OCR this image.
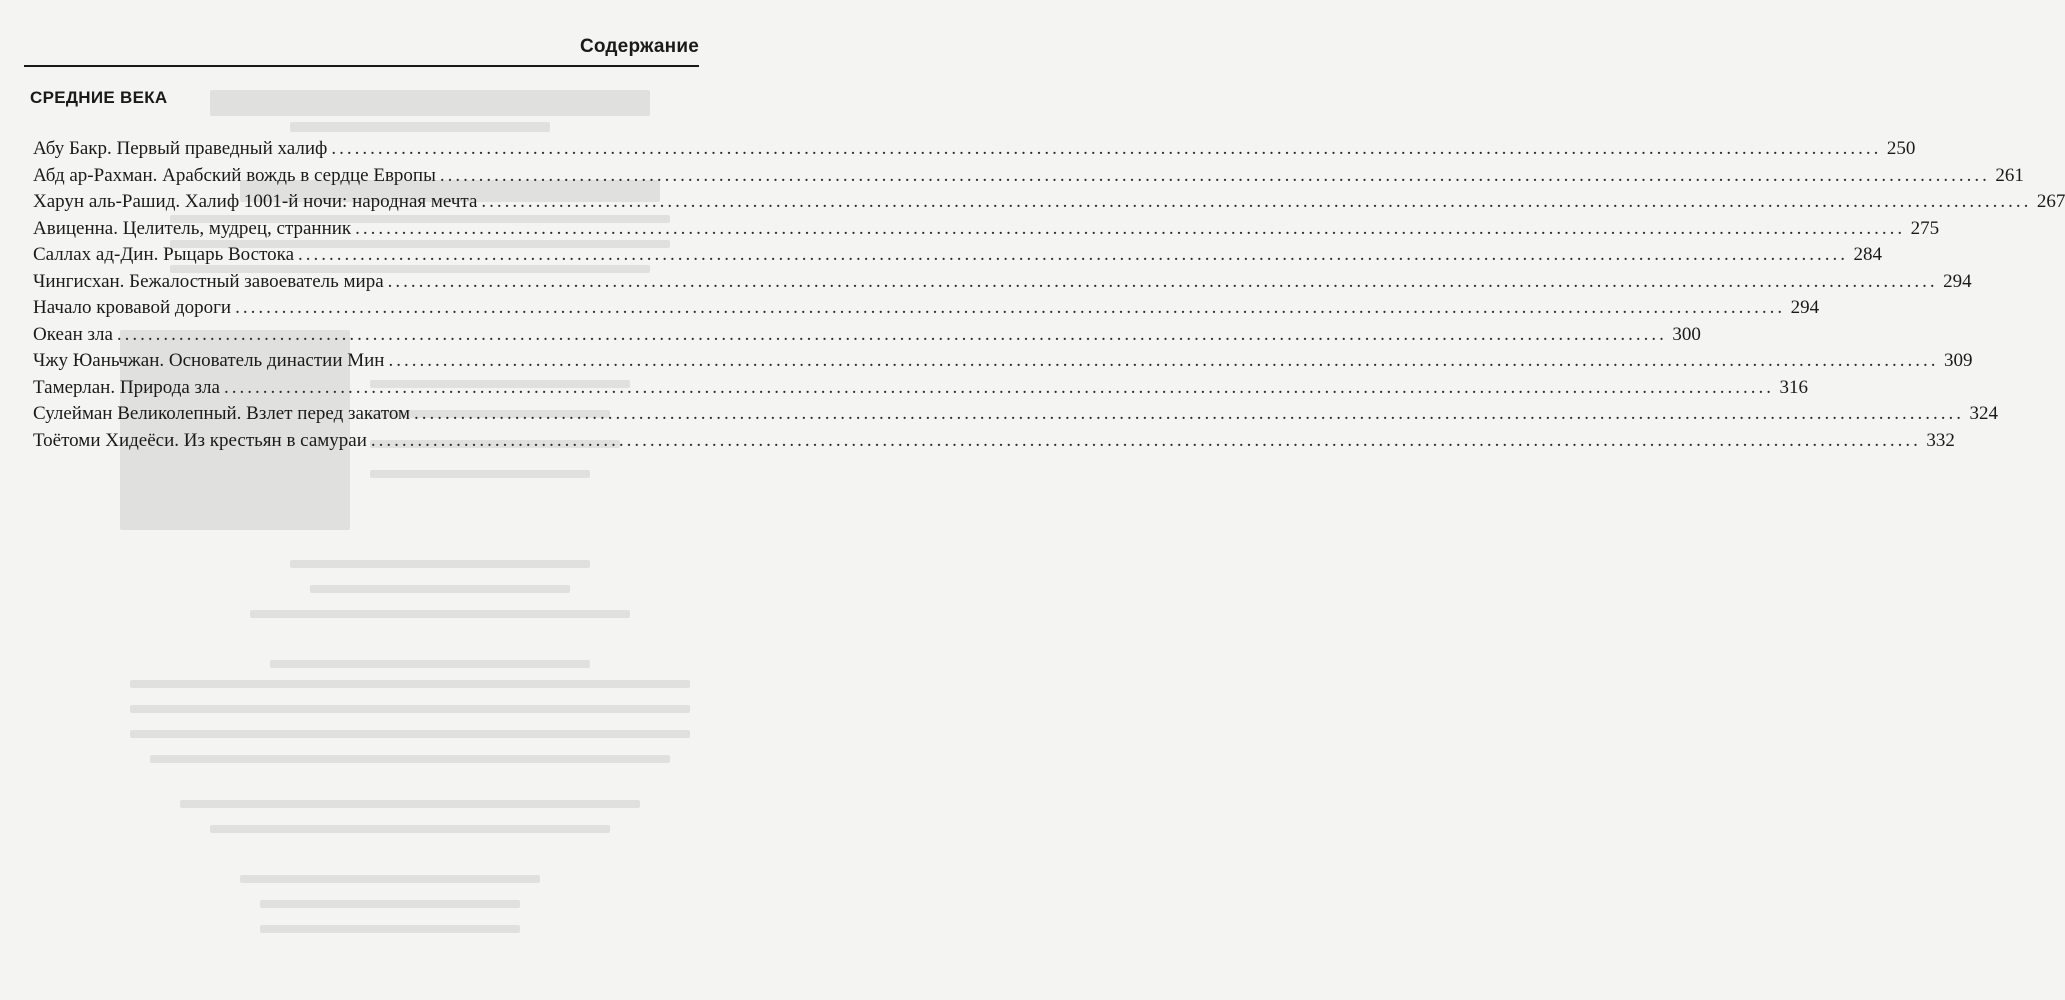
Содержание
СРЕДНИЕ ВЕКА
Абу Бакр. Первый праведный халиф ........................................................................................................................................................................................................ 250
Абд ар-Рахман. Арабский вождь в сердце Европы ........................................................................................................................................................................................................ 261
Харун аль-Рашид. Халиф 1001-й ночи: народная мечта ........................................................................................................................................................................................................ 267
Авиценна. Целитель, мудрец, странник ........................................................................................................................................................................................................ 275
Саллах ад-Дин. Рыцарь Востока ........................................................................................................................................................................................................ 284
Чингисхан. Бежалостный завоеватель мира ........................................................................................................................................................................................................ 294
Начало кровавой дороги ........................................................................................................................................................................................................ 294
Океан зла ........................................................................................................................................................................................................ 300
Чжу Юаньчжан. Основатель династии Мин ........................................................................................................................................................................................................ 309
Тамерлан. Природа зла ........................................................................................................................................................................................................ 316
Сулейман Великолепный. Взлет перед закатом ........................................................................................................................................................................................................ 324
Тоётоми Хидеёси. Из крестьян в самураи ........................................................................................................................................................................................................ 332
